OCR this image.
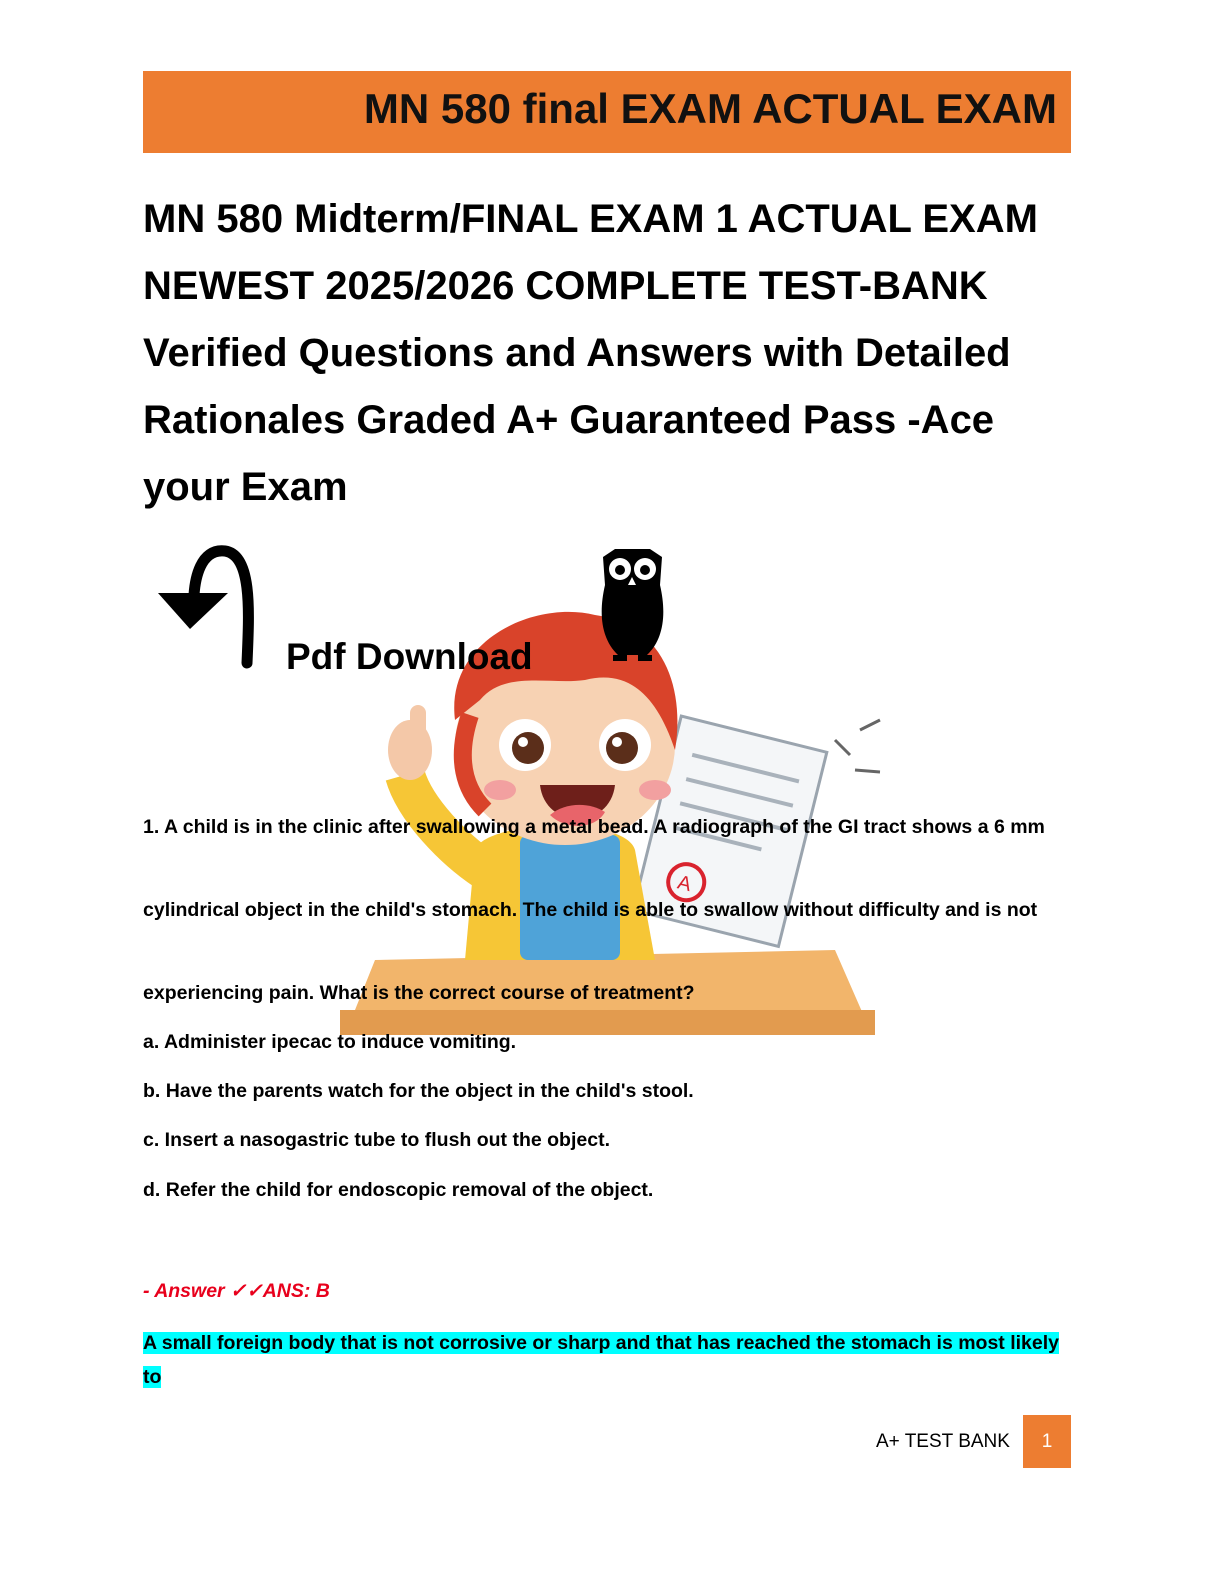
MN 580 final EXAM ACTUAL EXAM
MN 580 Midterm/FINAL EXAM 1 ACTUAL EXAM NEWEST 2025/2026 COMPLETE TEST-BANK Verified Questions and Answers with Detailed Rationales Graded A+ Guaranteed Pass -Ace your Exam
A
Pdf Download
1. A child is in the clinic after swallowing a metal bead. A radiograph of the GI tract shows a 6 mm
cylindrical object in the child's stomach. The child is able to swallow without difficulty and is not
experiencing pain. What is the correct course of treatment?
a. Administer ipecac to induce vomiting.
b. Have the parents watch for the object in the child's stool.
c. Insert a nasogastric tube to flush out the object.
d. Refer the child for endoscopic removal of the object.
- Answer ✓✓ANS: B
A small foreign body that is not corrosive or sharp and that has reached the stomach is most likely to
A+ TEST BANK	1
